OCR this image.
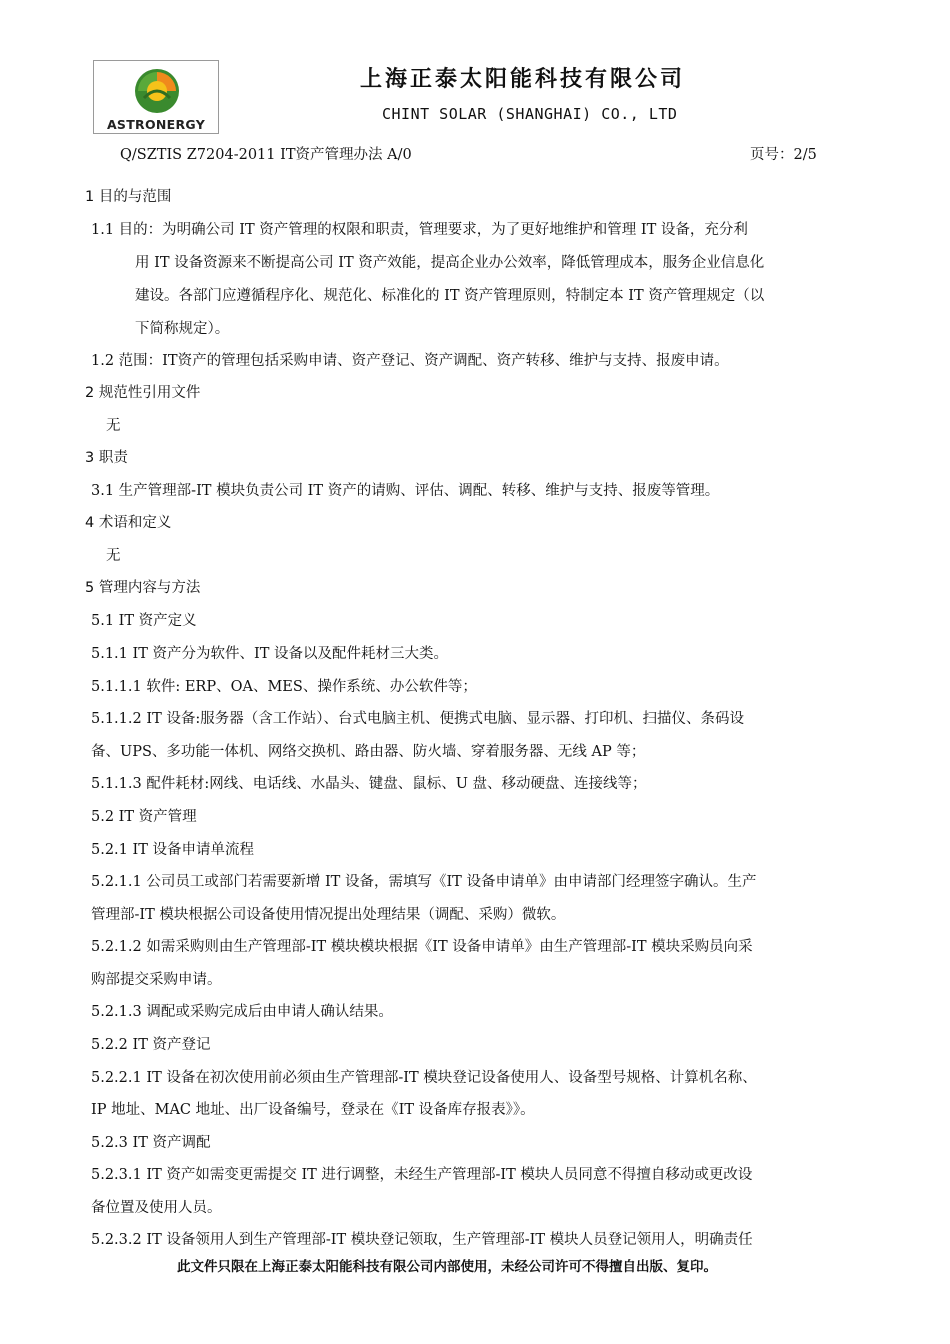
ASTRONERGY
上海正泰太阳能科技有限公司
CHINT SOLAR (SHANGHAI) CO., LTD
Q/SZTIS Z7204-2011 IT资产管理办法 A/0	页号：2/5
1 目的与范围
1.1 目的：为明确公司 IT 资产管理的权限和职责，管理要求，为了更好地维护和管理 IT 设备，充分利
用 IT 设备资源来不断提高公司 IT 资产效能，提高企业办公效率，降低管理成本，服务企业信息化
建设。各部门应遵循程序化、规范化、标准化的 IT 资产管理原则，特制定本 IT 资产管理规定（以
下简称规定）。
1.2 范围：IT资产的管理包括采购申请、资产登记、资产调配、资产转移、维护与支持、报废申请。
2 规范性引用文件
无
3 职责
3.1 生产管理部-IT 模块负责公司 IT 资产的请购、评估、调配、转移、维护与支持、报废等管理。
4 术语和定义
无
5 管理内容与方法
5.1 IT 资产定义
5.1.1 IT 资产分为软件、IT 设备以及配件耗材三大类。
5.1.1.1 软件: ERP、OA、MES、操作系统、办公软件等；
5.1.1.2 IT 设备:服务器（含工作站）、台式电脑主机、便携式电脑、显示器、打印机、扫描仪、条码设
备、UPS、多功能一体机、网络交换机、路由器、防火墙、穿着服务器、无线 AP 等；
5.1.1.3 配件耗材:网线、电话线、水晶头、键盘、鼠标、U 盘、移动硬盘、连接线等；
5.2 IT 资产管理
5.2.1 IT 设备申请单流程
5.2.1.1 公司员工或部门若需要新增 IT 设备，需填写《IT 设备申请单》由申请部门经理签字确认。生产
管理部-IT 模块根据公司设备使用情况提出处理结果（调配、采购）微软。
5.2.1.2 如需采购则由生产管理部-IT 模块模块根据《IT 设备申请单》由生产管理部-IT 模块采购员向采
购部提交采购申请。
5.2.1.3 调配或采购完成后由申请人确认结果。
5.2.2 IT 资产登记
5.2.2.1 IT 设备在初次使用前必须由生产管理部-IT 模块登记设备使用人、设备型号规格、计算机名称、
IP 地址、MAC 地址、出厂设备编号，登录在《IT 设备库存报表》》。
5.2.3 IT 资产调配
5.2.3.1 IT 资产如需变更需提交 IT 进行调整，未经生产管理部-IT 模块人员同意不得擅自移动或更改设
备位置及使用人员。
5.2.3.2 IT 设备领用人到生产管理部-IT 模块登记领取，生产管理部-IT 模块人员登记领用人，明确责任
此文件只限在上海正泰太阳能科技有限公司内部使用，未经公司许可不得擅自出版、复印。
